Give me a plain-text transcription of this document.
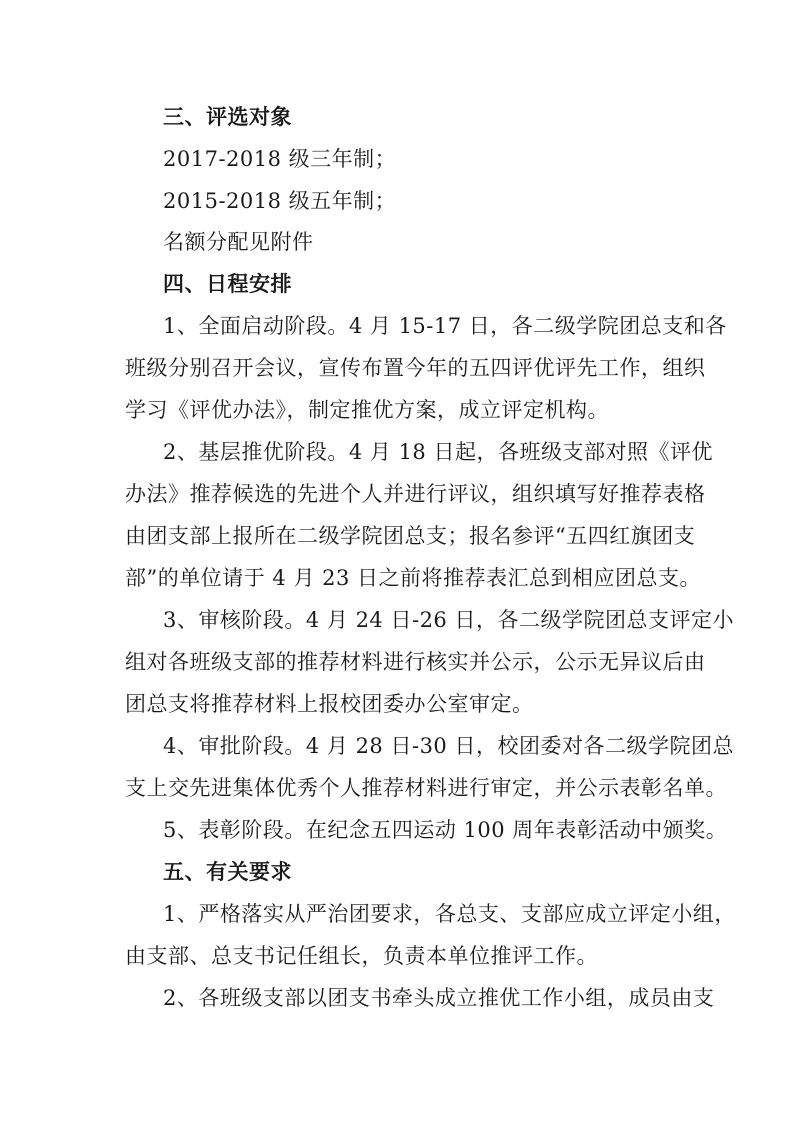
三、评选对象
2017-2018 级三年制；
2015-2018 级五年制；
名额分配见附件
四、日程安排
1、全面启动阶段。4 月 15-17 日，各二级学院团总支和各
班级分别召开会议，宣传布置今年的五四评优评先工作，组织
学习《评优办法》，制定推优方案，成立评定机构。
2、基层推优阶段。4 月 18 日起，各班级支部对照《评优
办法》推荐候选的先进个人并进行评议，组织填写好推荐表格
由团支部上报所在二级学院团总支；报名参评“五四红旗团支
部”的单位请于 4 月 23 日之前将推荐表汇总到相应团总支。
3、审核阶段。4 月 24 日-26 日，各二级学院团总支评定小
组对各班级支部的推荐材料进行核实并公示，公示无异议后由
团总支将推荐材料上报校团委办公室审定。
4、审批阶段。4 月 28 日-30 日，校团委对各二级学院团总
支上交先进集体优秀个人推荐材料进行审定，并公示表彰名单。
5、表彰阶段。在纪念五四运动 100 周年表彰活动中颁奖。
五、有关要求
1、严格落实从严治团要求，各总支、支部应成立评定小组，
由支部、总支书记任组长，负责本单位推评工作。
2、各班级支部以团支书牵头成立推优工作小组，成员由支
